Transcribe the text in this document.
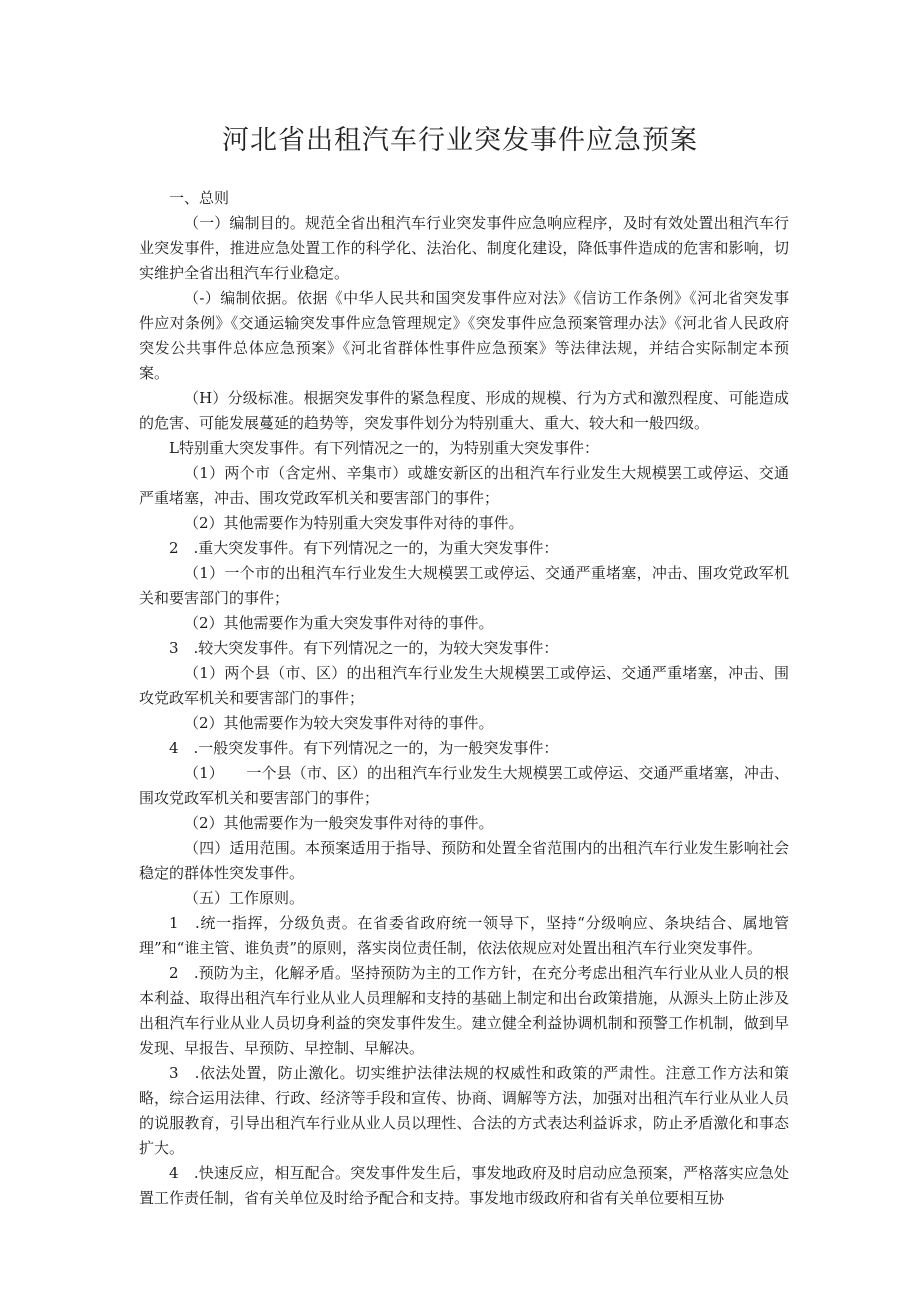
河北省出租汽车行业突发事件应急预案

一、总则

（一）编制目的。规范全省出租汽车行业突发事件应急响应程序，及时有效处置出租汽车行业突发事件，推进应急处置工作的科学化、法治化、制度化建设，降低事件造成的危害和影响，切实维护全省出租汽车行业稳定。

（-）编制依据。依据《中华人民共和国突发事件应对法》《信访工作条例》《河北省突发事件应对条例》《交通运输突发事件应急管理规定》《突发事件应急预案管理办法》《河北省人民政府突发公共事件总体应急预案》《河北省群体性事件应急预案》等法律法规，并结合实际制定本预案。

（H）分级标准。根据突发事件的紧急程度、形成的规模、行为方式和激烈程度、可能造成的危害、可能发展蔓延的趋势等，突发事件划分为特别重大、重大、较大和一般四级。

L特别重大突发事件。有下列情况之一的，为特别重大突发事件：

（1）两个市（含定州、辛集市）或雄安新区的出租汽车行业发生大规模罢工或停运、交通严重堵塞，冲击、围攻党政军机关和要害部门的事件；

（2）其他需要作为特别重大突发事件对待的事件。

2　.重大突发事件。有下列情况之一的，为重大突发事件：

（1）一个市的出租汽车行业发生大规模罢工或停运、交通严重堵塞，冲击、围攻党政军机关和要害部门的事件；

（2）其他需要作为重大突发事件对待的事件。

3　.较大突发事件。有下列情况之一的，为较大突发事件：

（1）两个县（市、区）的出租汽车行业发生大规模罢工或停运、交通严重堵塞，冲击、围攻党政军机关和要害部门的事件；

（2）其他需要作为较大突发事件对待的事件。

4　.一般突发事件。有下列情况之一的，为一般突发事件：

（1）　　一个县（市、区）的出租汽车行业发生大规模罢工或停运、交通严重堵塞，冲击、围攻党政军机关和要害部门的事件；

（2）其他需要作为一般突发事件对待的事件。

（四）适用范围。本预案适用于指导、预防和处置全省范围内的出租汽车行业发生影响社会稳定的群体性突发事件。

（五）工作原则。

1　.统一指挥，分级负责。在省委省政府统一领导下，坚持“分级响应、条块结合、属地管理”和“谁主管、谁负责”的原则，落实岗位责任制，依法依规应对处置出租汽车行业突发事件。

2　.预防为主，化解矛盾。坚持预防为主的工作方针，在充分考虑出租汽车行业从业人员的根本利益、取得出租汽车行业从业人员理解和支持的基础上制定和出台政策措施，从源头上防止涉及出租汽车行业从业人员切身利益的突发事件发生。建立健全利益协调机制和预警工作机制，做到早发现、早报告、早预防、早控制、早解决。

3　.依法处置，防止激化。切实维护法律法规的权威性和政策的严肃性。注意工作方法和策略，综合运用法律、行政、经济等手段和宣传、协商、调解等方法，加强对出租汽车行业从业人员的说服教育，引导出租汽车行业从业人员以理性、合法的方式表达利益诉求，防止矛盾激化和事态扩大。

4　.快速反应，相互配合。突发事件发生后，事发地政府及时启动应急预案，严格落实应急处置工作责任制，省有关单位及时给予配合和支持。事发地市级政府和省有关单位要相互协
